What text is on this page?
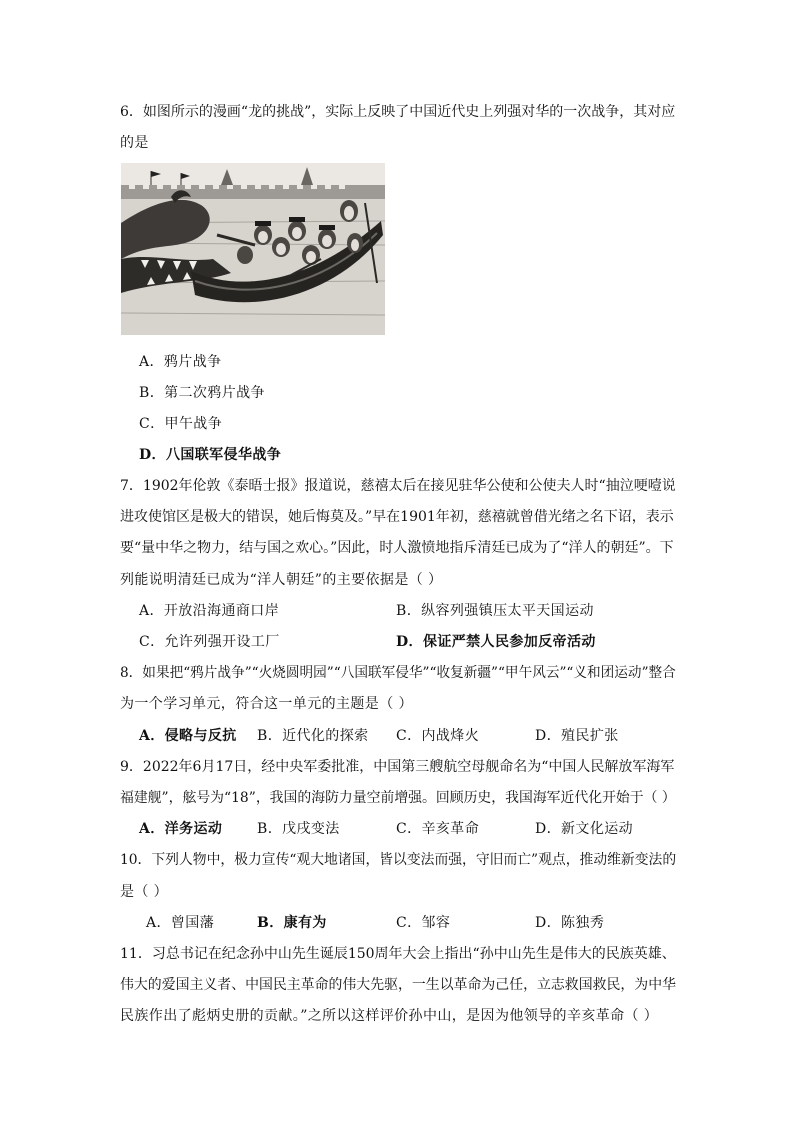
6．如图所示的漫画“龙的挑战”，实际上反映了中国近代史上列强对华的一次战争，其对应
的是
A．鸦片战争
B．第二次鸦片战争
C．甲午战争
D．八国联军侵华战争
7．1902年伦敦《泰晤士报》报道说，慈禧太后在接见驻华公使和公使夫人时“抽泣哽噎说
进攻使馆区是极大的错误，她后悔莫及。”早在1901年初，慈禧就曾借光绪之名下诏，表示
要“量中华之物力，结与国之欢心。”因此，时人激愤地指斥清廷已成为了“洋人的朝廷”。下
列能说明清廷已成为“洋人朝廷”的主要依据是（ ）
A．开放沿海通商口岸	B．纵容列强镇压太平天国运动
C．允许列强开设工厂	D．保证严禁人民参加反帝活动
8．如果把“鸦片战争”“火烧圆明园”“八国联军侵华”“收复新疆”“甲午风云”“义和团运动”整合
为一个学习单元，符合这一单元的主题是（ ）
A．侵略与反抗 B．近代化的探索 C．内战烽火	D．殖民扩张
9．2022年6月17日，经中央军委批准，中国第三艘航空母舰命名为“中国人民解放军海军
福建舰”，舷号为“18”，我国的海防力量空前增强。回顾历史，我国海军近代化开始于（ ）
A．洋务运动 B．戊戌变法	C．辛亥革命	D．新文化运动
10．下列人物中，极力宣传“观大地诸国，皆以变法而强，守旧而亡”观点，推动维新变法的
是（ ）
A．曾国藩	B．康有为	C．邹容	D．陈独秀
11．习总书记在纪念孙中山先生诞辰150周年大会上指出“孙中山先生是伟大的民族英雄、
伟大的爱国主义者、中国民主革命的伟大先驱，一生以革命为己任，立志救国救民，为中华
民族作出了彪炳史册的贡献。”之所以这样评价孙中山，是因为他领导的辛亥革命（ ）
